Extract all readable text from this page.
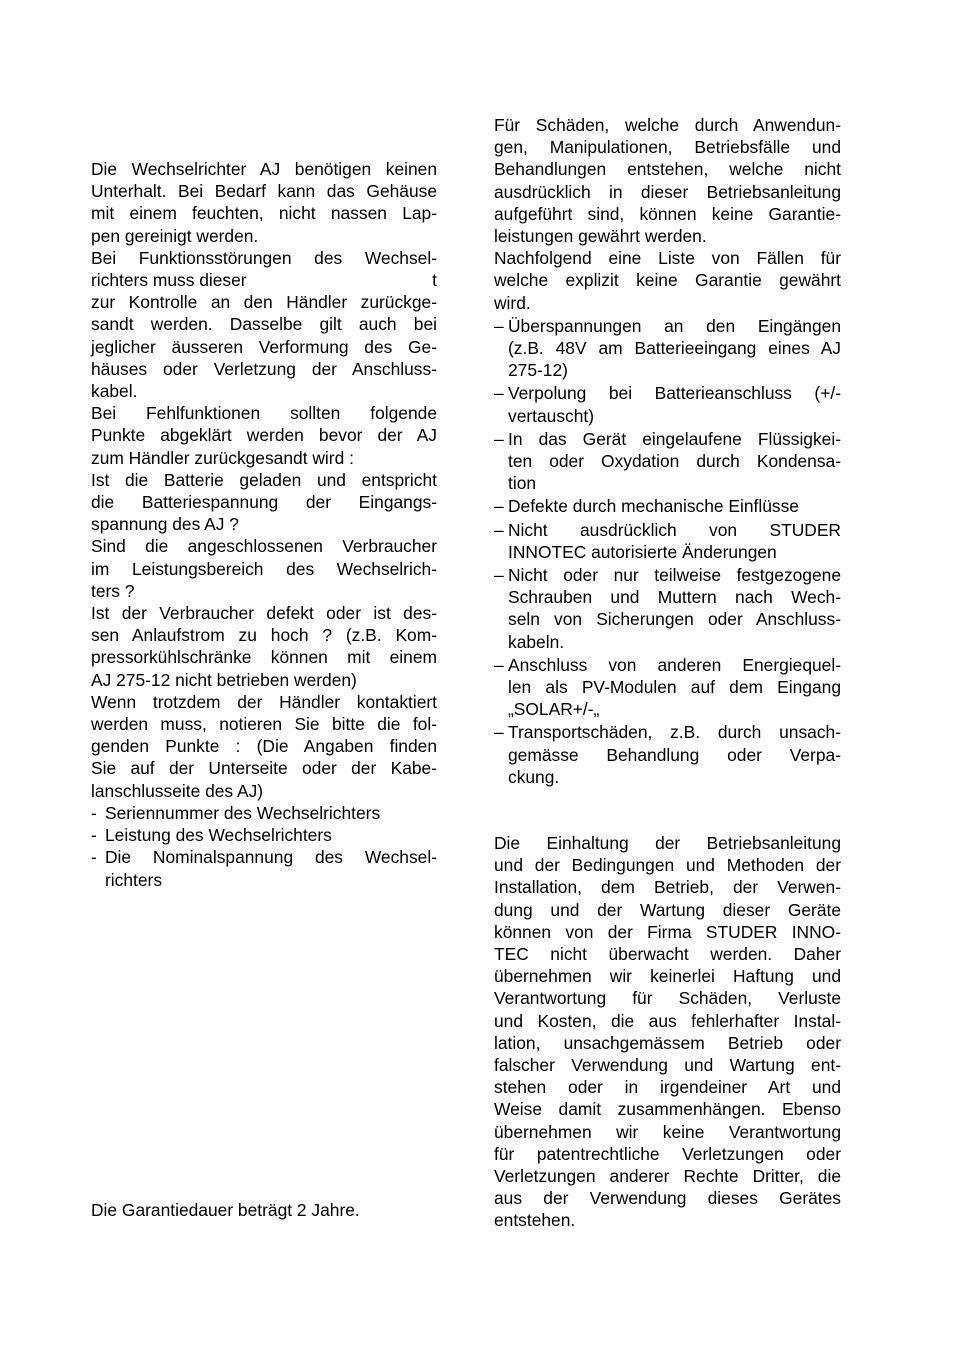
Die Wechselrichter AJ benötigen keinen
Unterhalt. Bei Bedarf kann das Gehäuse
mit einem feuchten, nicht nassen Lap-
pen gereinigt werden.
Bei Funktionsstörungen des Wechsel-
richters muss dieser	t
zur Kontrolle an den Händler zurückge-
sandt werden. Dasselbe gilt auch bei
jeglicher äusseren Verformung des Ge-
häuses oder Verletzung der Anschluss-
kabel.
Bei Fehlfunktionen sollten folgende
Punkte abgeklärt werden bevor der AJ
zum Händler zurückgesandt wird :
Ist die Batterie geladen und entspricht
die Batteriespannung der Eingangs-
spannung des AJ ?
Sind die angeschlossenen Verbraucher
im Leistungsbereich des Wechselrich-
ters ?
Ist der Verbraucher defekt oder ist des-
sen Anlaufstrom zu hoch ? (z.B. Kom-
pressorkühlschränke können mit einem
AJ 275-12 nicht betrieben werden)
Wenn trotzdem der Händler kontaktiert
werden muss, notieren Sie bitte die fol-
genden Punkte : (Die Angaben finden
Sie auf der Unterseite oder der Kabe-
lanschlusseite des AJ)
- Seriennummer des Wechselrichters
- Leistung des Wechselrichters
- Die Nominalspannung des Wechsel-
richters
Die Garantiedauer beträgt 2 Jahre.
Für Schäden, welche durch Anwendun-
gen, Manipulationen, Betriebsfälle und
Behandlungen entstehen, welche nicht
ausdrücklich in dieser Betriebsanleitung
aufgeführt sind, können keine Garantie-
leistungen gewährt werden.
Nachfolgend eine Liste von Fällen für
welche explizit keine Garantie gewährt
wird.
– Überspannungen an den Eingängen
(z.B. 48V am Batterieeingang eines AJ
275-12)
– Verpolung bei Batterieanschluss (+/-
vertauscht)
– In das Gerät eingelaufene Flüssigkei-
ten oder Oxydation durch Kondensa-
tion
– Defekte durch mechanische Einflüsse
– Nicht ausdrücklich von STUDER
INNOTEC autorisierte Änderungen
– Nicht oder nur teilweise festgezogene
Schrauben und Muttern nach Wech-
seln von Sicherungen oder Anschluss-
kabeln.
– Anschluss von anderen Energiequel-
len als PV-Modulen auf dem Eingang
„SOLAR+/-„
– Transportschäden, z.B. durch unsach-
gemässe Behandlung oder Verpa-
ckung.
Die Einhaltung der Betriebsanleitung
und der Bedingungen und Methoden der
Installation, dem Betrieb, der Verwen-
dung und der Wartung dieser Geräte
können von der Firma STUDER INNO-
TEC nicht überwacht werden. Daher
übernehmen wir keinerlei Haftung und
Verantwortung für Schäden, Verluste
und Kosten, die aus fehlerhafter Instal-
lation, unsachgemässem Betrieb oder
falscher Verwendung und Wartung ent-
stehen oder in irgendeiner Art und
Weise damit zusammenhängen. Ebenso
übernehmen wir keine Verantwortung
für patentrechtliche Verletzungen oder
Verletzungen anderer Rechte Dritter, die
aus der Verwendung dieses Gerätes
entstehen.
